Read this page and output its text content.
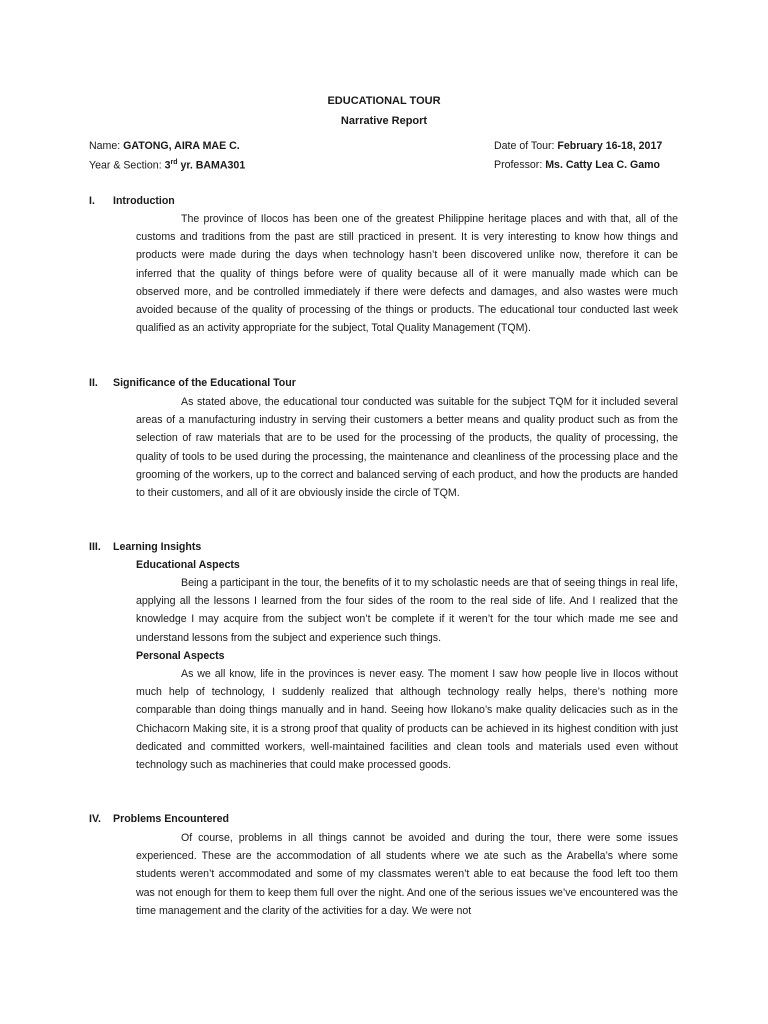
EDUCATIONAL TOUR
Narrative Report
Name: GATONG, AIRA MAE C.
Year & Section: 3rd yr. BAMA301
Date of Tour: February 16-18, 2017
Professor: Ms. Catty Lea C. Gamo
I. Introduction

The province of Ilocos has been one of the greatest Philippine heritage places and with that, all of the customs and traditions from the past are still practiced in present. It is very interesting to know how things and products were made during the days when technology hasn’t been discovered unlike now, therefore it can be inferred that the quality of things before were of quality because all of it were manually made which can be observed more, and be controlled immediately if there were defects and damages, and also wastes were much avoided because of the quality of processing of the things or products. The educational tour conducted last week qualified as an activity appropriate for the subject, Total Quality Management (TQM).

II. Significance of the Educational Tour

As stated above, the educational tour conducted was suitable for the subject TQM for it included several areas of a manufacturing industry in serving their customers a better means and quality product such as from the selection of raw materials that are to be used for the processing of the products, the quality of processing, the quality of tools to be used during the processing, the maintenance and cleanliness of the processing place and the grooming of the workers, up to the correct and balanced serving of each product, and how the products are handed to their customers, and all of it are obviously inside the circle of TQM.

III. Learning Insights
Educational Aspects

Being a participant in the tour, the benefits of it to my scholastic needs are that of seeing things in real life, applying all the lessons I learned from the four sides of the room to the real side of life. And I realized that the knowledge I may acquire from the subject won’t be complete if it weren’t for the tour which made me see and understand lessons from the subject and experience such things.

Personal Aspects

As we all know, life in the provinces is never easy. The moment I saw how people live in Ilocos without much help of technology, I suddenly realized that although technology really helps, there’s nothing more comparable than doing things manually and in hand. Seeing how Ilokano’s make quality delicacies such as in the Chichacorn Making site, it is a strong proof that quality of products can be achieved in its highest condition with just dedicated and committed workers, well-maintained facilities and clean tools and materials used even without technology such as machineries that could make processed goods.

IV. Problems Encountered

Of course, problems in all things cannot be avoided and during the tour, there were some issues experienced. These are the accommodation of all students where we ate such as the Arabella’s where some students weren’t accommodated and some of my classmates weren’t able to eat because the food left too them was not enough for them to keep them full over the night. And one of the serious issues we’ve encountered was the time management and the clarity of the activities for a day. We were not
